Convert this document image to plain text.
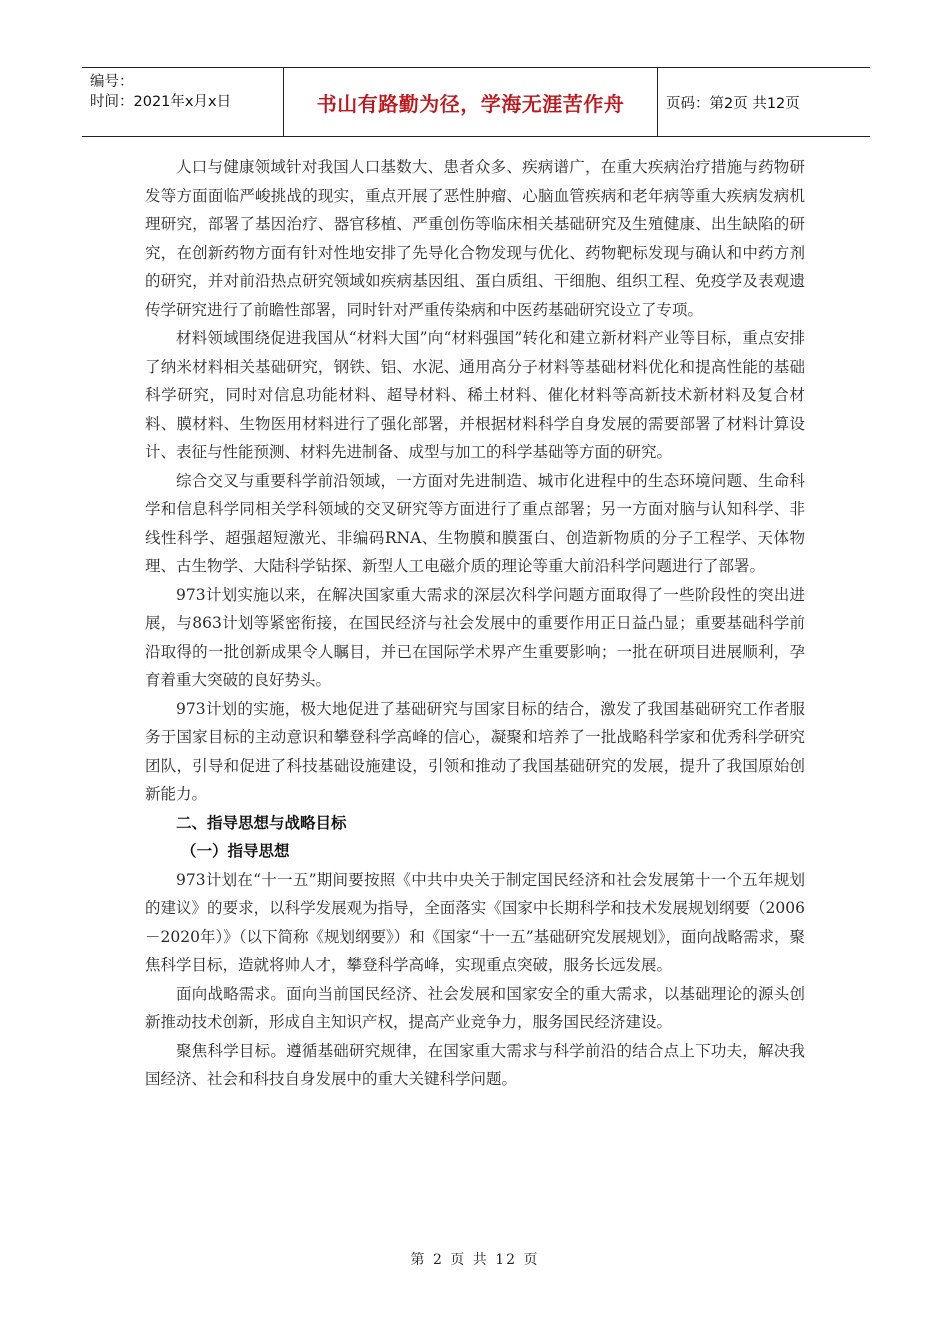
编号：
时间：2021年x月x日	书山有路勤为径，学海无涯苦作舟	页码：第2页 共12页

人口与健康领域针对我国人口基数大、患者众多、疾病谱广，在重大疾病治疗措施与药物研发等方面面临严峻挑战的现实，重点开展了恶性肿瘤、心脑血管疾病和老年病等重大疾病发病机理研究，部署了基因治疗、器官移植、严重创伤等临床相关基础研究及生殖健康、出生缺陷的研究，在创新药物方面有针对性地安排了先导化合物发现与优化、药物靶标发现与确认和中药方剂的研究，并对前沿热点研究领域如疾病基因组、蛋白质组、干细胞、组织工程、免疫学及表观遗传学研究进行了前瞻性部署，同时针对严重传染病和中医药基础研究设立了专项。

材料领域围绕促进我国从“材料大国”向“材料强国”转化和建立新材料产业等目标，重点安排了纳米材料相关基础研究，钢铁、铝、水泥、通用高分子材料等基础材料优化和提高性能的基础科学研究，同时对信息功能材料、超导材料、稀土材料、催化材料等高新技术新材料及复合材料、膜材料、生物医用材料进行了强化部署，并根据材料科学自身发展的需要部署了材料计算设计、表征与性能预测、材料先进制备、成型与加工的科学基础等方面的研究。

综合交叉与重要科学前沿领域，一方面对先进制造、城市化进程中的生态环境问题、生命科学和信息科学同相关学科领域的交叉研究等方面进行了重点部署；另一方面对脑与认知科学、非线性科学、超强超短激光、非编码RNA、生物膜和膜蛋白、创造新物质的分子工程学、天体物理、古生物学、大陆科学钻探、新型人工电磁介质的理论等重大前沿科学问题进行了部署。

973计划实施以来，在解决国家重大需求的深层次科学问题方面取得了一些阶段性的突出进展，与863计划等紧密衔接，在国民经济与社会发展中的重要作用正日益凸显；重要基础科学前沿取得的一批创新成果令人瞩目，并已在国际学术界产生重要影响；一批在研项目进展顺利，孕育着重大突破的良好势头。

973计划的实施，极大地促进了基础研究与国家目标的结合，激发了我国基础研究工作者服务于国家目标的主动意识和攀登科学高峰的信心，凝聚和培养了一批战略科学家和优秀科学研究团队，引导和促进了科技基础设施建设，引领和推动了我国基础研究的发展，提升了我国原始创新能力。

二、指导思想与战略目标
（一）指导思想

973计划在“十一五”期间要按照《中共中央关于制定国民经济和社会发展第十一个五年规划的建议》的要求，以科学发展观为指导，全面落实《国家中长期科学和技术发展规划纲要（2006－2020年）》（以下简称《规划纲要》）和《国家“十一五”基础研究发展规划》，面向战略需求，聚焦科学目标，造就将帅人才，攀登科学高峰，实现重点突破，服务长远发展。

面向战略需求。面向当前国民经济、社会发展和国家安全的重大需求，以基础理论的源头创新推动技术创新，形成自主知识产权，提高产业竞争力，服务国民经济建设。

聚焦科学目标。遵循基础研究规律，在国家重大需求与科学前沿的结合点上下功夫，解决我国经济、社会和科技自身发展中的重大关键科学问题。

第 2 页 共 12 页
